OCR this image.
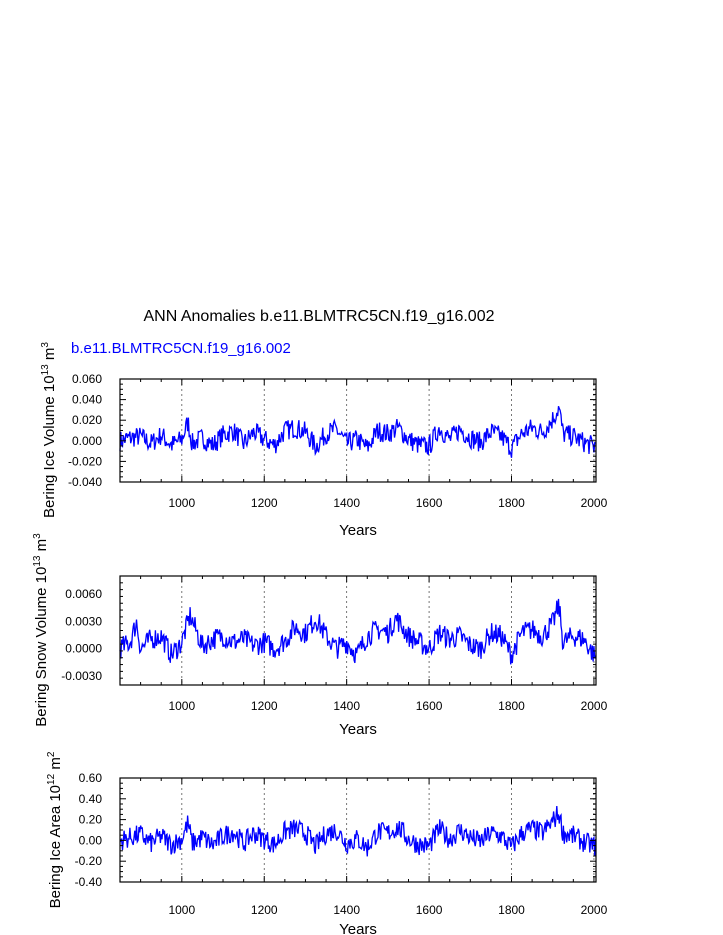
ANN Anomalies b.e11.BLMTRC5CN.f19_g16.002
b.e11.BLMTRC5CN.f19_g16.002
1000	1200	1400	1600	1800	2000
-0.040
-0.020
0.000
0.020
0.040
0.060
Years
Bering Ice Volume 1013 m3
1000	1200	1400	1600	1800	2000
-0.0030
0.0000
0.0030
0.0060
Years
Bering Snow Volume 1013 m3
1000	1200	1400	1600	1800	2000
-0.40
-0.20
0.00
0.20
0.40
0.60
Years
Bering Ice Area 1012 m2
